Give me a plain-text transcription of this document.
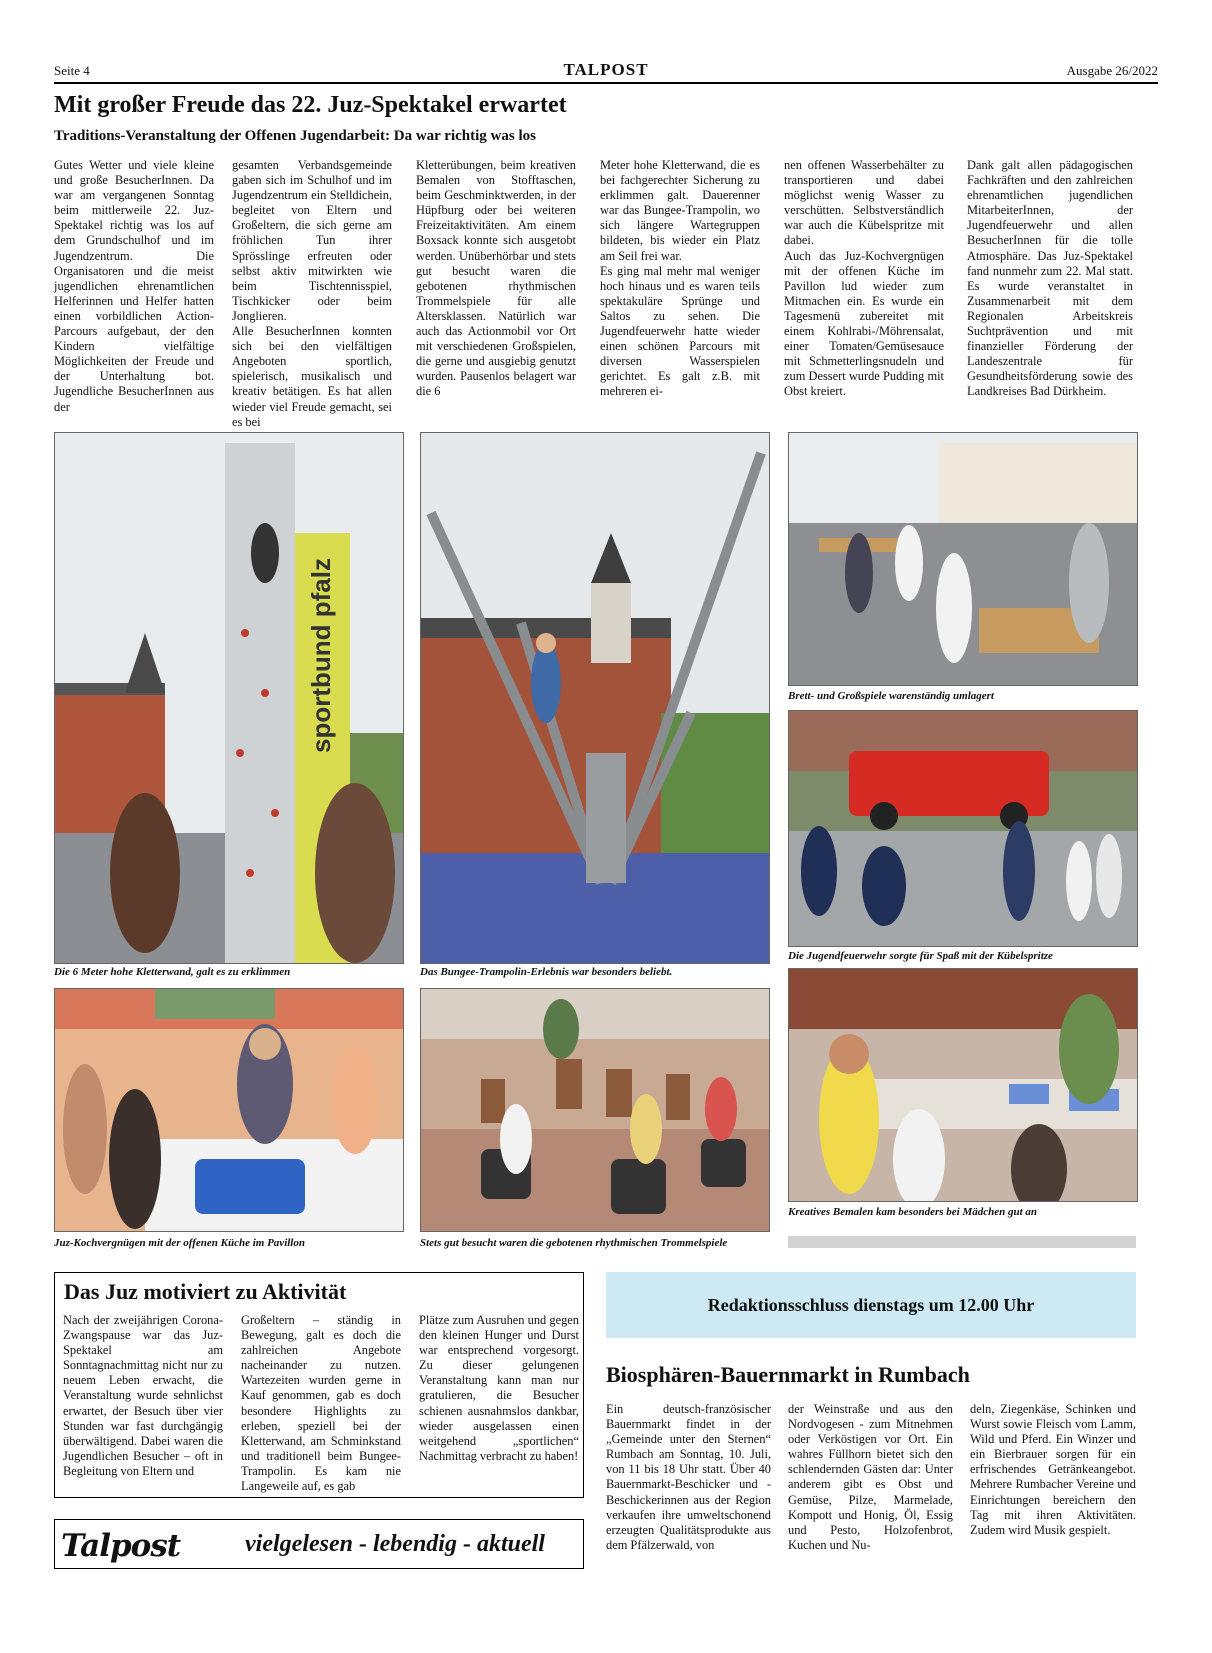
Seite 4	TALPOST	Ausgabe 26/2022
Mit großer Freude das 22. Juz-Spektakel erwartet
Traditions-Veranstaltung der Offenen Jugendarbeit: Da war richtig was los

Gutes Wetter und viele kleine und große BesucherInnen. Da war am vergangenen Sonntag beim mittlerweile 22. Juz-Spektakel richtig was los auf dem Grundschulhof und im Jugendzentrum. Die Organisatoren und die meist jugendlichen ehrenamtlichen Helferinnen und Helfer hatten einen vorbildlichen Action-Parcours aufgebaut, der den Kindern vielfältige Möglichkeiten der Freude und der Unterhaltung bot. Jugendliche BesucherInnen aus der

gesamten Verbandsgemeinde gaben sich im Schulhof und im Jugendzentrum ein Stelldichein, begleitet von Eltern und Großeltern, die sich gerne am fröhlichen Tun ihrer Sprösslinge erfreuten oder selbst aktiv mitwirkten wie beim Tischtennisspiel, Tischkicker oder beim Jonglieren.

Alle BesucherInnen konnten sich bei den vielfältigen Angeboten sportlich, spielerisch, musikalisch und kreativ betätigen. Es hat allen wieder viel Freude gemacht, sei es bei

Kletterübungen, beim kreativen Bemalen von Stofftaschen, beim Geschminktwerden, in der Hüpfburg oder bei weiteren Freizeitaktivitäten. Am einem Boxsack konnte sich ausgetobt werden. Unüberhörbar und stets gut besucht waren die gebotenen rhythmischen Trommelspiele für alle Altersklassen. Natürlich war auch das Actionmobil vor Ort mit verschiedenen Großspielen, die gerne und ausgiebig genutzt wurden. Pausenlos belagert war die 6

Meter hohe Kletterwand, die es bei fachgerechter Sicherung zu erklimmen galt. Dauerenner war das Bungee-Trampolin, wo sich längere Wartegruppen bildeten, bis wieder ein Platz am Seil frei war.

Es ging mal mehr mal weniger hoch hinaus und es waren teils spektakuläre Sprünge und Saltos zu sehen. Die Jugendfeuerwehr hatte wieder einen schönen Parcours mit diversen Wasserspielen gerichtet. Es galt z.B. mit mehreren ei-

nen offenen Wasserbehälter zu transportieren und dabei möglichst wenig Wasser zu verschütten. Selbstverständlich war auch die Kübelspritze mit dabei.

Auch das Juz-Kochvergnügen mit der offenen Küche im Pavillon lud wieder zum Mitmachen ein. Es wurde ein Tagesmenü zubereitet mit einem Kohlrabi-/Möhrensalat, einer Tomaten/Gemüsesauce mit Schmetterlingsnudeln und zum Dessert wurde Pudding mit Obst kreiert.

Dank galt allen pädagogischen Fachkräften und den zahlreichen ehrenamtlichen jugendlichen MitarbeiterInnen, der Jugendfeuerwehr und allen BesucherInnen für die tolle Atmosphäre. Das Juz-Spektakel fand nunmehr zum 22. Mal statt. Es wurde veranstaltet in Zusammenarbeit mit dem Regionalen Arbeitskreis Suchtprävention und mit finanzieller Förderung der Landeszentrale für Gesundheitsförderung sowie des Landkreises Bad Dürkheim.

sportbund pfalz
Die 6 Meter hohe Kletterwand, galt es zu erklimmen	Das Bungee-Trampolin-Erlebnis war besonders beliebt.
Brett- und Großspiele warenständig umlagert
Die Jugendfeuerwehr sorgte für Spaß mit der Kübelspritze
Juz-Kochvergnügen mit der offenen Küche im Pavillon	Stets gut besucht waren die gebotenen rhythmischen Trommelspiele
Kreatives Bemalen kam besonders bei Mädchen gut an
Das Juz motiviert zu Aktivität
Nach der zweijährigen Corona-Zwangspause war das Juz-Spektakel am Sonntagnachmittag nicht nur zu neuem Leben erwacht, die Veranstaltung wurde sehnlichst erwartet, der Besuch über vier Stunden war fast durchgängig überwältigend. Dabei waren die Jugendlichen Besucher – oft in Begleitung von Eltern und
Großeltern – ständig in Bewegung, galt es doch die zahlreichen Angebote nacheinander zu nutzen. Wartezeiten wurden gerne in Kauf genommen, gab es doch besondere Highlights zu erleben, speziell bei der Kletterwand, am Schminkstand und traditionell beim Bungee-Trampolin. Es kam nie Langeweile auf, es gab
Plätze zum Ausruhen und gegen den kleinen Hunger und Durst war entsprechend vorgesorgt. Zu dieser gelungenen Veranstaltung kann man nur gratulieren, die Besucher schienen ausnahmslos dankbar, wieder ausgelassen einen weitgehend „sportlichen“ Nachmittag verbracht zu haben!
Redaktionsschluss dienstags um 12.00 Uhr
Biosphären-Bauernmarkt in Rumbach
Ein deutsch-französischer Bauernmarkt findet in der „Gemeinde unter den Sternen“ Rumbach am Sonntag, 10. Juli, von 11 bis 18 Uhr statt. Über 40 Bauernmarkt-Beschicker und -Beschickerinnen aus der Region verkaufen ihre umweltschonend erzeugten Qualitätsprodukte aus dem Pfälzerwald, von
der Weinstraße und aus den Nordvogesen - zum Mitnehmen oder Verköstigen vor Ort. Ein wahres Füllhorn bietet sich den schlendernden Gästen dar: Unter anderem gibt es Obst und Gemüse, Pilze, Marmelade, Kompott und Honig, Öl, Essig und Pesto, Holzofenbrot, Kuchen und Nu-
deln, Ziegenkäse, Schinken und Wurst sowie Fleisch vom Lamm, Wild und Pferd. Ein Winzer und ein Bierbrauer sorgen für ein erfrischendes Getränkeangebot. Mehrere Rumbacher Vereine und Einrichtungen bereichern den Tag mit ihren Aktivitäten. Zudem wird Musik gespielt.
Talpost	vielgelesen - lebendig - aktuell
